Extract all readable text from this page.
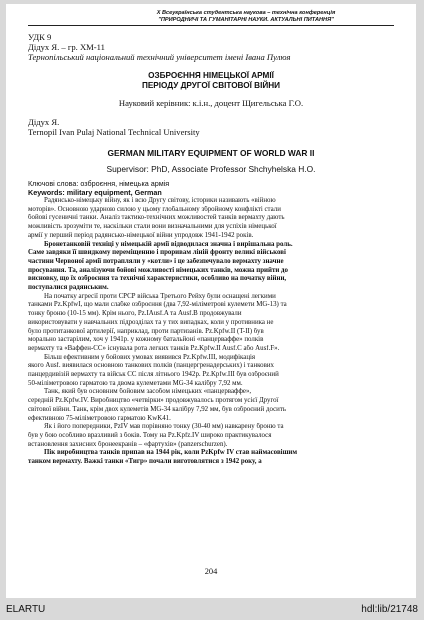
Х Всеукраїнська студентська наукова – технічна конференція
"ПРИРОДНИЧІ ТА ГУМАНІТАРНІ НАУКИ. АКТУАЛЬНІ ПИТАННЯ"
УДК 9
Дідух Я. – гр. ХМ-11
Тернопільський національний технічний університет імені Івана Пулюя
ОЗБРОЄННЯ НІМЕЦЬКОЇ АРМІЇ
ПЕРІОДУ ДРУГОЇ СВІТОВОЇ ВІЙНИ
Науковий керівник: к.і.н., доцент Щигельська Г.О.
Дідух Я.
Ternopil Ivan Pulaj National Technical University
GERMAN MILITARY EQUIPMENT OF WORLD WAR II
Supervisor: PhD, Associate Professor Shchyhelska H.O.
Ключові слова: озброєння, німецька армія
Keywords: military equipment, German

Радянсько-німецьку війну, як і всю Другу світову, історики називають «війною
моторів». Основною ударною силою у цьому глобальному збройному конфлікті стали
бойові гусеничні танки. Аналіз тактико-технічних можливостей танків вермахту дають
можливість зрозуміти те, наскільки стали вони визначальними для успіхів німецької
армії у перший період радянсько-німецької війни упродовж 1941-1942 років.

Бронетанковій техніці у німецькій армії відводилася значна і вирішальна роль.
Саме завдяки її швидкому переміщенню і проривам ліній фронту великі військові
частини Червоної армії потрапляли у «котли» і це забезпечувало вермахту значне
просування. Та, аналізуючи бойові можливості німецьких танків, можна прийти до
висновку, що їх озброєння та технічні характеристики, особливо на початку війни,
поступалися радянським.

На початку агресії проти СРСР війська Третього Рейху були оснащені легкими
танками Pz.KpfwI, що мали слабке озброєння (два 7,92-міліметрові кулемети MG-13) та
тонку броню (10-15 мм). Крім нього, Pz.IAusf.A та Ausf.B продовжували
використовувати у навчальних підрозділах та у тих випадках, коли у противника не
було протитанкової артилерії, наприклад, проти партизанів. Pz.Kpfw.II (T-II) був
морально застарілим, хоч у 1941р. у кожному батальйоні «панцерваффе» полків
вермахту та «Ваффен-СС» існувала рота легких танків Pz.Kpfw.II Ausf.C або Ausf.F».

Більш ефективним у бойових умовах виявився Pz.Kpfw.III, модифікація
якого Ausf. виявилася основною танкових полків (панцергренадерських) і танкових
панцердивізій вермахту та військ СС після літнього 1942р. Pz.Kpfw.III був озброєний
50-міліметровою гарматою та двома кулеметами MG-34 калібру 7,92 мм.

Танк, який був основним бойовим засобом німецьких «панцерваффе»,
середній Pz.Kpfw.IV. Виробництво «четвірки» продовжувалось протягом усієї Другої
світової війни. Танк, крім двох кулеметів MG-34 калібру 7,92 мм, був озброєний досить
ефективною 75-міліметровою гарматою KwK41.

Як і його попередники, PzIV мав порівняно тонку (30-40 мм) навкарену броню та
був у бою особливо вразливий з боків. Тому на Pz.Kpfz.IV широко практикувалося
встановлення захисних бронеекранів – «фартухів» (panzerschurzen).

Пік виробництва танків припав на 1944 рік, коли PzKpfw IV став наймасовішим
танком вермахту. Важкі танки «Тигр» почали виготовлятися з 1942 року, а

204
ELARTU	hdl:lib/21748
